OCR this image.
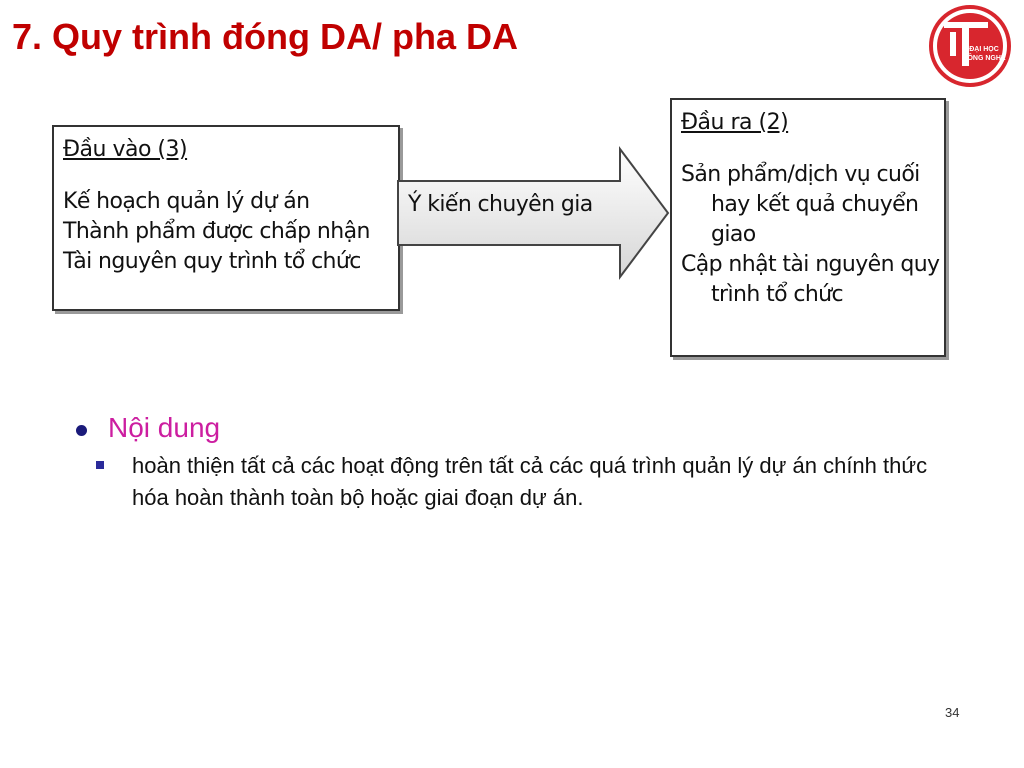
7. Quy trình đóng DA/ pha DA	ĐẠI HỌC
CÔNG NGHỆ
Đầu vào (3)
Kế hoạch quản lý dự án
Thành phẩm được chấp nhận
Tài nguyên quy trình tổ chức
Ý kiến chuyên gia
Đầu ra (2)
Sản phẩm/dịch vụ cuối hay kết quả chuyển giao
Cập nhật tài nguyên quy trình tổ chức
Nội dung
hoàn thiện tất cả các hoạt động trên tất cả các quá trình quản lý dự án chính thức hóa hoàn thành toàn bộ hoặc giai đoạn dự án.
34
